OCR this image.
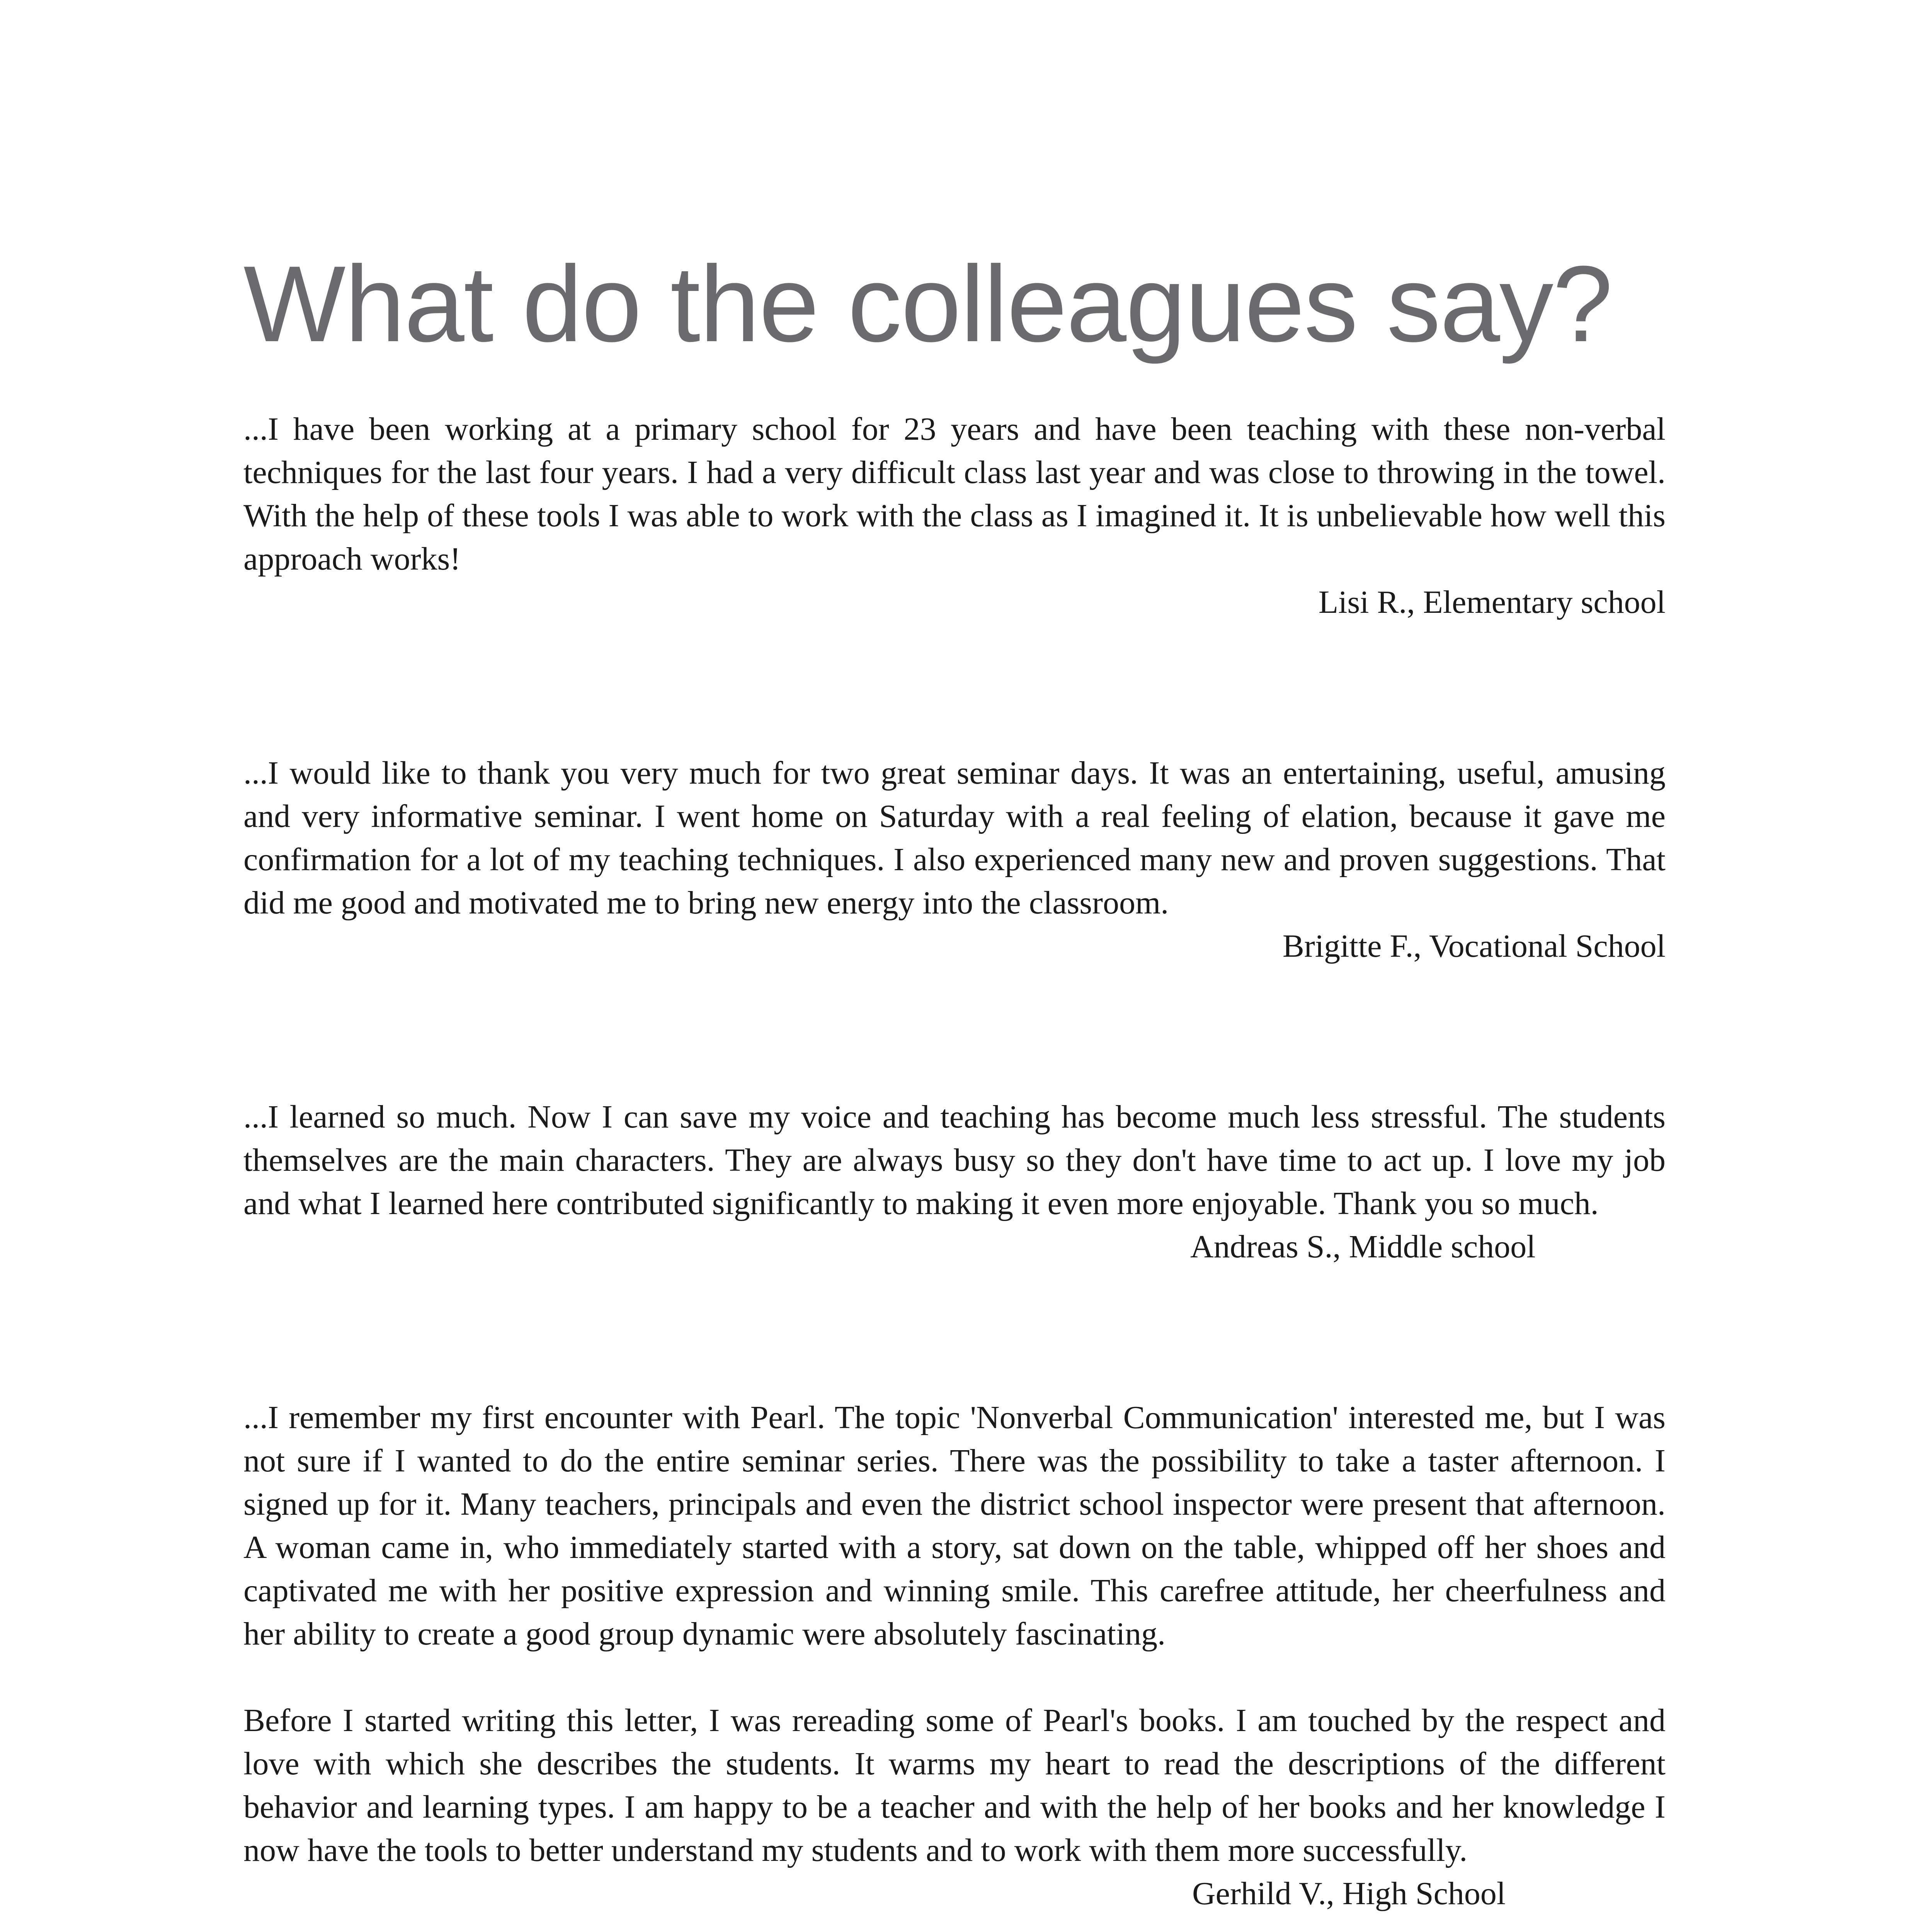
What do the colleagues say?

...I have been working at a primary school for 23 years and have been teaching with these non-verbal techniques for the last four years. I had a very difficult class last year and was close to throwing in the towel. With the help of these tools I was able to work with the class as I imagined it. It is unbelievable how well this approach works!

Lisi R., Elementary school

...I would like to thank you very much for two great seminar days. It was an entertaining, useful, amusing and very informative seminar. I went home on Saturday with a real feeling of elation, because it gave me confirmation for a lot of my teaching techniques. I also experienced many new and proven suggestions. That did me good and motivated me to bring new energy into the classroom.

Brigitte F., Vocational School

...I learned so much. Now I can save my voice and teaching has become much less stressful. The students themselves are the main characters. They are always busy so they don't have time to act up. I love my job and what I learned here contributed significantly to making it even more enjoyable. Thank you so much.

Andreas S., Middle school

...I remember my first encounter with Pearl. The topic 'Nonverbal Communication' interested me, but I was not sure if I wanted to do the entire seminar series. There was the possibility to take a taster afternoon. I signed up for it. Many teachers, principals and even the district school inspector were present that afternoon. A woman came in, who immediately started with a story, sat down on the table, whipped off her shoes and captivated me with her positive expression and winning smile. This carefree attitude, her cheerfulness and her ability to create a good group dynamic were absolutely fascinating.

Before I started writing this letter, I was rereading some of Pearl's books. I am touched by the respect and love with which she describes the students. It warms my heart to read the descriptions of the different behavior and learning types. I am happy to be a teacher and with the help of her books and her knowledge I now have the tools to better understand my students and to work with them more successfully.

Gerhild V., High School
